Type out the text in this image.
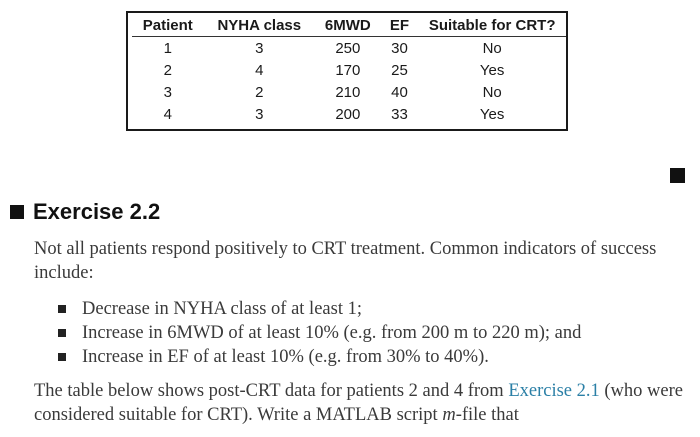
Patient	NYHA class	6MWD	EF	Suitable for CRT?
1	3	250	30	No
2	4	170	25	Yes
3	2	210	40	No
4	3	200	33	Yes
Exercise 2.2

Not all patients respond positively to CRT treatment. Common indicators of success include:

Decrease in NYHA class of at least 1;
Increase in 6MWD of at least 10% (e.g. from 200 m to 220 m); and
Increase in EF of at least 10% (e.g. from 30% to 40%).

The table below shows post-CRT data for patients 2 and 4 from Exercise 2.1 (who were considered suitable for CRT). Write a MATLAB script m-file that
